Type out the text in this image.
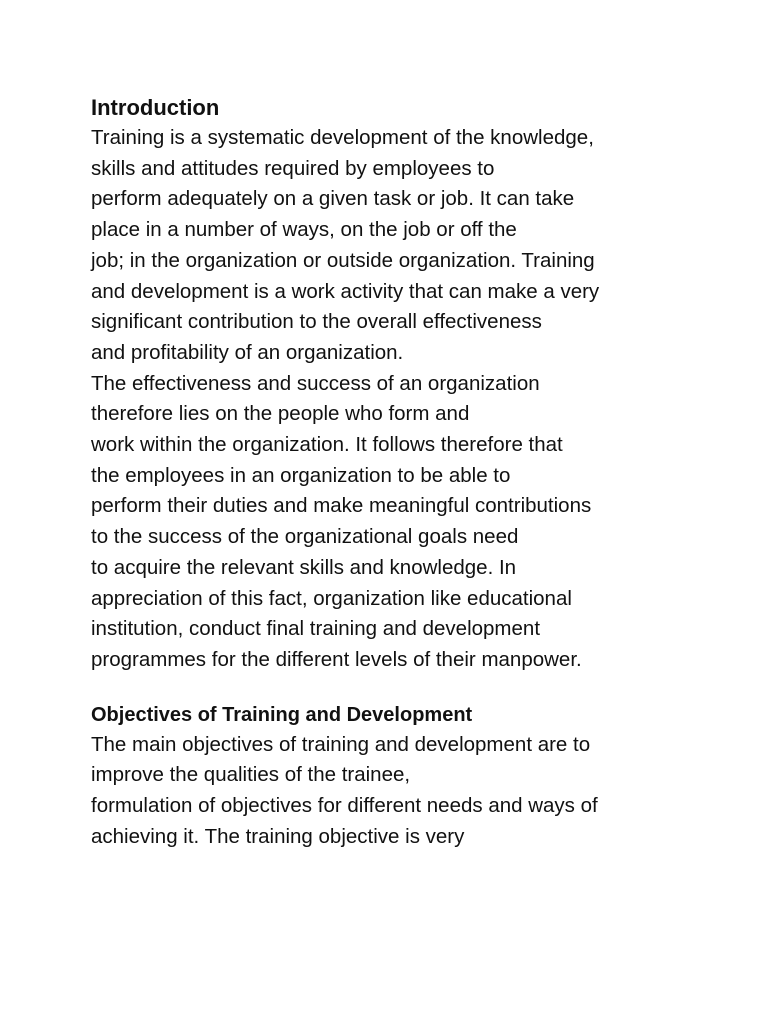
Introduction
Training is a systematic development of the knowledge,
skills and attitudes required by employees to
perform adequately on a given task or job. It can take
place in a number of ways, on the job or off the
job; in the organization or outside organization. Training
and development is a work activity that can make a very
significant contribution to the overall effectiveness
and profitability of an organization.
The effectiveness and success of an organization
therefore lies on the people who form and
work within the organization. It follows therefore that
the employees in an organization to be able to
perform their duties and make meaningful contributions
to the success of the organizational goals need
to acquire the relevant skills and knowledge. In
appreciation of this fact, organization like educational
institution, conduct final training and development
programmes for the different levels of their manpower.
Objectives of Training and Development
The main objectives of training and development are to
improve the qualities of the trainee,
formulation of objectives for different needs and ways of
achieving it. The training objective is very
